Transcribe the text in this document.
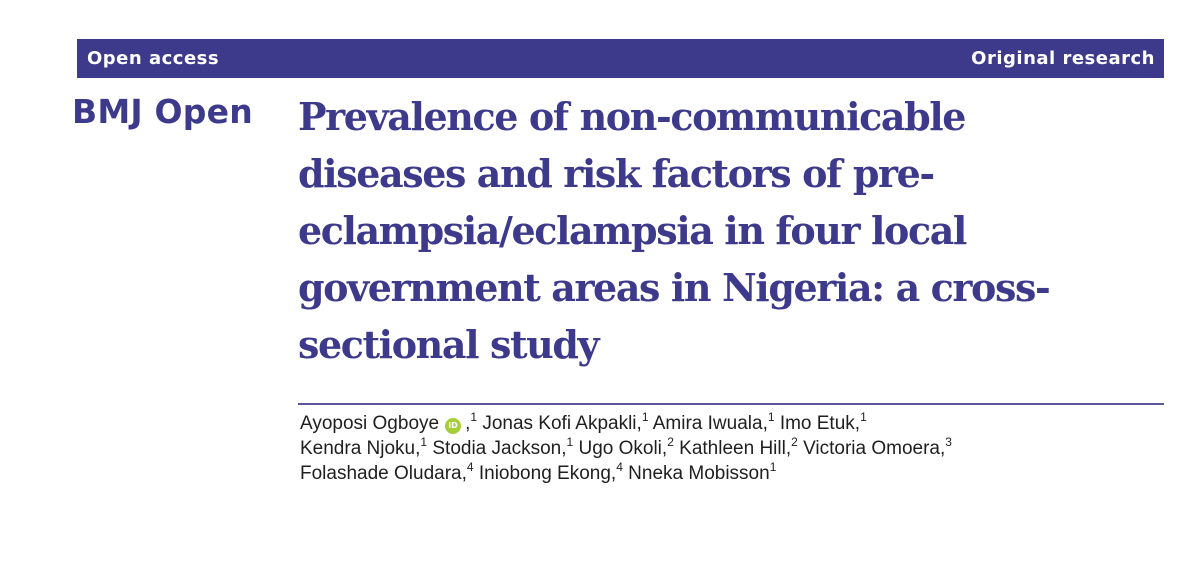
Open access	Original research
BMJ Open Prevalence of non-communicable
diseases and risk factors of pre-
eclampsia/eclampsia in four local
government areas in Nigeria: a cross-
sectional study
Ayoposi Ogboye iD ,$^1$ Jonas Kofi Akpakli,$^1$ Amira Iwuala,$^1$ Imo Etuk,$^1$
Kendra Njoku,$^1$ Stodia Jackson,$^1$ Ugo Okoli,$^2$ Kathleen Hill,$^2$ Victoria Omoera,$^3$
Folashade Oludara,$^4$ Iniobong Ekong,$^4$ Nneka Mobisson$^1$
